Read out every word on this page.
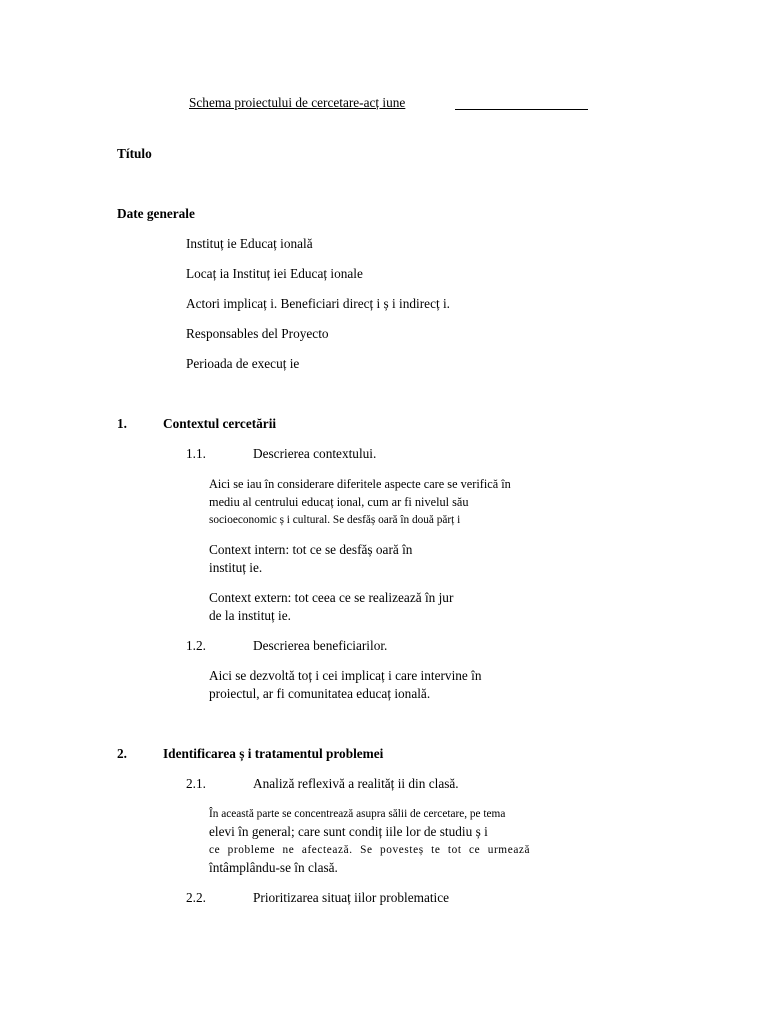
Schema proiectului de cercetare-acț iune
Título
Date generale
Instituț ie Educaț ională
Locaț ia Instituț iei Educaț ionale
Actori implicaț i. Beneficiari direcț i ș i indirecț i.
Responsables del Proyecto
Perioada de execuț ie
1.	Contextul cercetării
1.1.	Descrierea contextului.
Aici se iau în considerare diferitele aspecte care se verifică în
mediu al centrului educaț ional, cum ar fi nivelul său
socioeconomic ș i cultural. Se desfăș oară în două părț i
Context intern: tot ce se desfăș oară în
instituț ie.
Context extern: tot ceea ce se realizează în jur
de la instituț ie.
1.2.	Descrierea beneficiarilor.
Aici se dezvoltă toț i cei implicaț i care intervine în
proiectul, ar fi comunitatea educaț ională.
2.	Identificarea ș i tratamentul problemei
2.1.	Analiză reflexivă a realităț ii din clasă.
În această parte se concentrează asupra sălii de cercetare, pe tema
elevi în general; care sunt condiț iile lor de studiu ș i
ce probleme ne afectează. Se povesteș te tot ce urmează
întâmplându-se în clasă.
2.2.	Prioritizarea situaț iilor problematice
